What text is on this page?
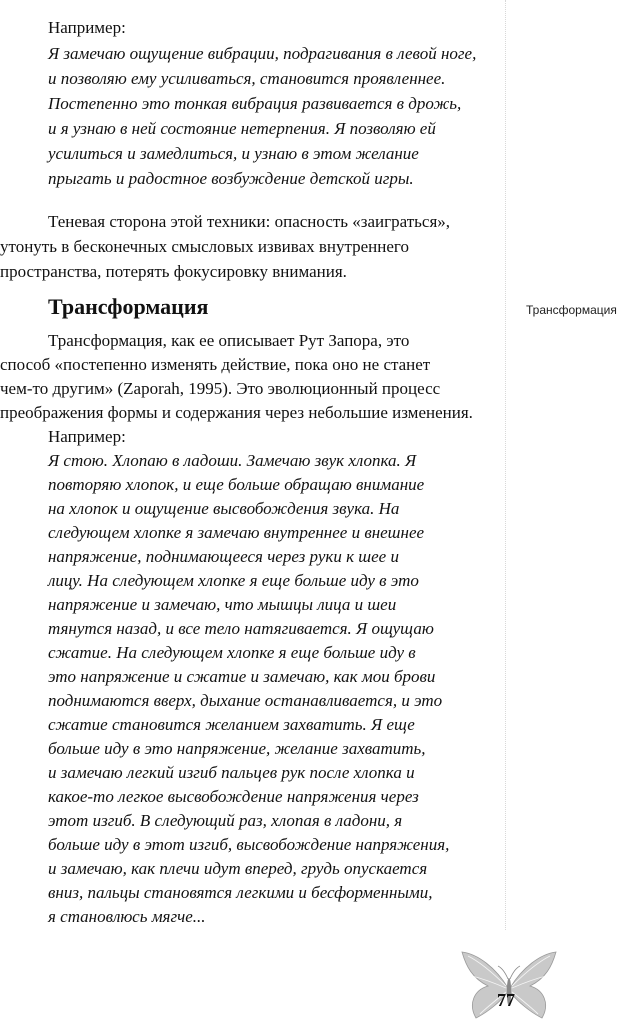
Например:
Я замечаю ощущение вибрации, подрагивания в левой ноге,
и позволяю ему усиливаться, становится проявленнее.
Постепенно это тонкая вибрация развивается в дрожь,
и я узнаю в ней состояние нетерпения. Я позволяю ей
усилиться и замедлиться, и узнаю в этом желание
прыгать и радостное возбуждение детской игры.
Теневая сторона этой техники: опасность «заиграться»,
утонуть в бесконечных смысловых извивах внутреннего
пространства, потерять фокусировку внимания.
Трансформация	Трансформация
Трансформация, как ее описывает Рут Запора, это
способ «постепенно изменять действие, пока оно не станет
чем-то другим» (Zaporah, 1995). Это эволюционный процесс
преображения формы и содержания через небольшие изменения.
Например:
Я стою. Хлопаю в ладоши. Замечаю звук хлопка. Я
повторяю хлопок, и еще больше обращаю внимание
на хлопок и ощущение высвобождения звука. На
следующем хлопке я замечаю внутреннее и внешнее
напряжение, поднимающееся через руки к шее и
лицу. На следующем хлопке я еще больше иду в это
напряжение и замечаю, что мышцы лица и шеи
тянутся назад, и все тело натягивается. Я ощущаю
сжатие. На следующем хлопке я еще больше иду в
это напряжение и сжатие и замечаю, как мои брови
поднимаются вверх, дыхание останавливается, и это
сжатие становится желанием захватить. Я еще
больше иду в это напряжение, желание захватить,
и замечаю легкий изгиб пальцев рук после хлопка и
какое-то легкое высвобождение напряжения через
этот изгиб. В следующий раз, хлопая в ладони, я
больше иду в этот изгиб, высвобождение напряжения,
и замечаю, как плечи идут вперед, грудь опускается
вниз, пальцы становятся легкими и бесформенными,
я становлюсь мягче...
77
